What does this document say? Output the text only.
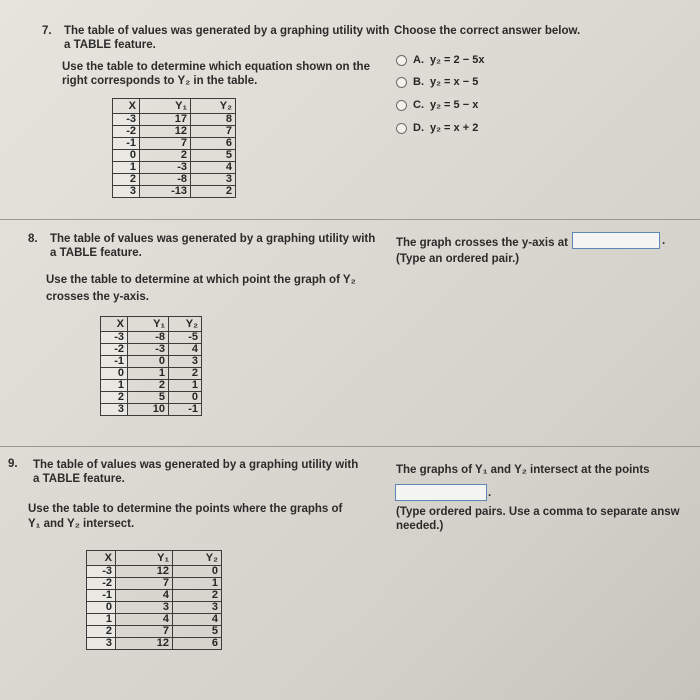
7. The table of values was generated by a graphing utility with
a TABLE feature.
Use the table to determine which equation shown on the
right corresponds to Y₂ in the table.
X	Y₁	Y₂
-3	17	8
-2	12	7
-1	7	6
0	2	5
1	-3	4
2	-8	3
3	-13	2
Choose the correct answer below.
A. y₂ = 2 − 5x
B. y₂ = x − 5
C. y₂ = 5 − x
D. y₂ = x + 2
8. The table of values was generated by a graphing utility with
a TABLE feature.
Use the table to determine at which point the graph of Y₂
crosses the y-axis.
X	Y₁	Y₂
-3	-8	-5
-2	-3	4
-1	0	3
0	1	2
1	2	1
2	5	0
3	10	-1
The graph crosses the y-axis at	.
(Type an ordered pair.)
9. The table of values was generated by a graphing utility with
a TABLE feature.
Use the table to determine the points where the graphs of
Y₁ and Y₂ intersect.
X	Y₁	Y₂
-3	12	0
-2	7	1
-1	4	2
0	3	3
1	4	4
2	7	5
3	12	6
The graphs of Y₁ and Y₂ intersect at the points
.
(Type ordered pairs. Use a comma to separate answ
needed.)
